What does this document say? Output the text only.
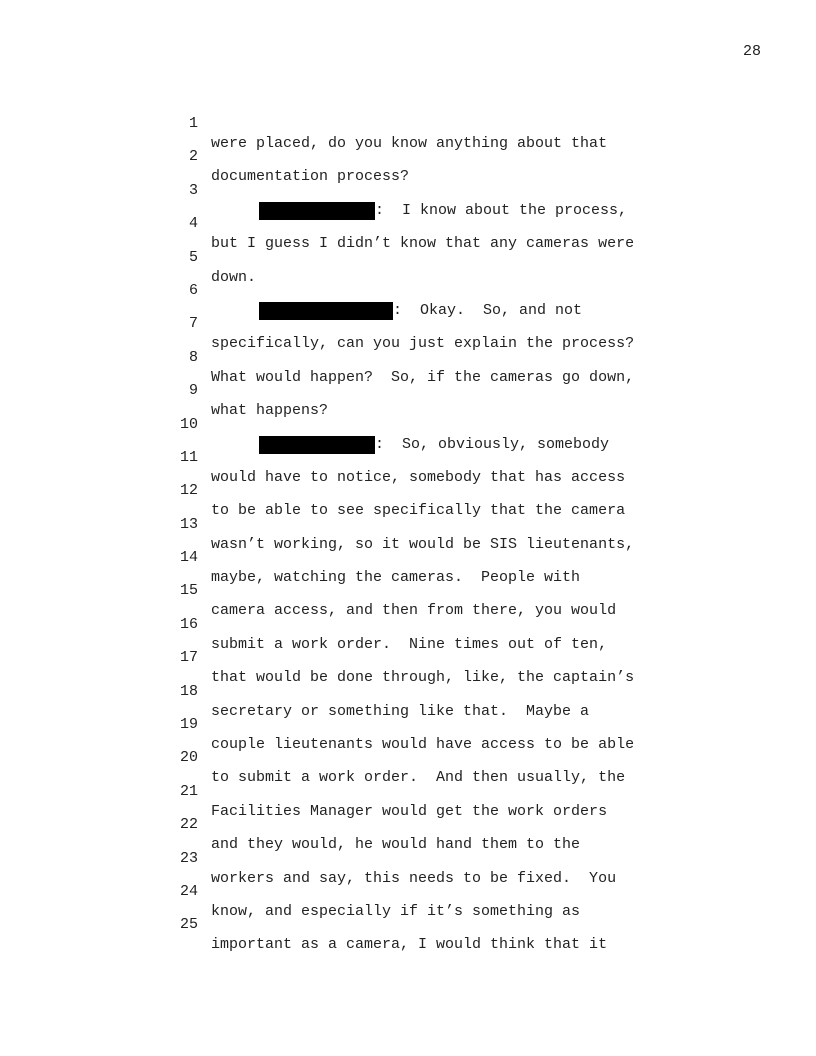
28

1

were placed, do you know anything about that

2

documentation process?

3

:  I know about the process,

4

but I guess I didn’t know that any cameras were

5

down.

6

:  Okay.  So, and not

7

specifically, can you just explain the process?

8

What would happen?  So, if the cameras go down,

9

what happens?

10

:  So, obviously, somebody

11

would have to notice, somebody that has access

12

to be able to see specifically that the camera

13

wasn’t working, so it would be SIS lieutenants,

14

maybe, watching the cameras.  People with

15

camera access, and then from there, you would

16

submit a work order.  Nine times out of ten,

17

that would be done through, like, the captain’s

18

secretary or something like that.  Maybe a

19

couple lieutenants would have access to be able

20

to submit a work order.  And then usually, the

21

Facilities Manager would get the work orders

22

and they would, he would hand them to the

23

workers and say, this needs to be fixed.  You

24

know, and especially if it’s something as

25

important as a camera, I would think that it
